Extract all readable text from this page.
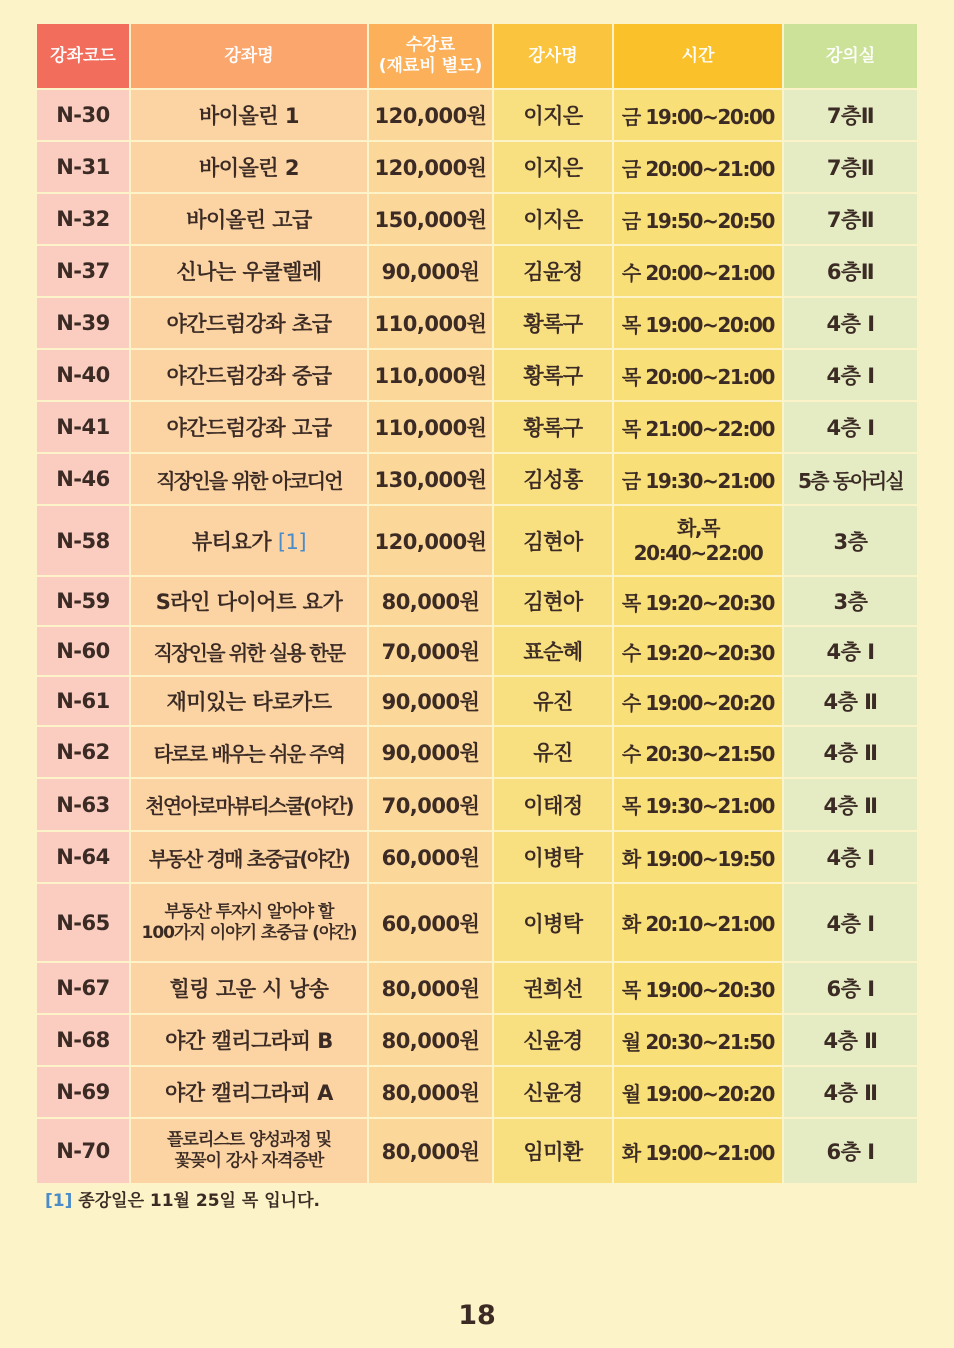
강좌코드	강좌명	수강료
(재료비 별도)	강사명	시간	강의실
N-30	바이올린 1	120,000원	이지은	금 19:00~20:00	7층Ⅱ
N-31	바이올린 2	120,000원	이지은	금 20:00~21:00	7층Ⅱ
N-32	바이올린 고급	150,000원	이지은	금 19:50~20:50	7층Ⅱ
N-37	신나는 우쿨렐레	90,000원	김윤정	수 20:00~21:00	6층Ⅱ
N-39	야간드럼강좌 초급	110,000원	황록구	목 19:00~20:00	4층 Ⅰ
N-40	야간드럼강좌 중급	110,000원	황록구	목 20:00~21:00	4층 Ⅰ
N-41	야간드럼강좌 고급	110,000원	황록구	목 21:00~22:00	4층 Ⅰ
N-46	직장인을 위한 아코디언	130,000원	김성홍	금 19:30~21:00	5층 동아리실
N-58	뷰티요가 [1]	120,000원	김현아	화,목
20:40~22:00	3층
N-59	S라인 다이어트 요가	80,000원	김현아	목 19:20~20:30	3층
N-60	직장인을 위한 실용 한문	70,000원	표순혜	수 19:20~20:30	4층 Ⅰ
N-61	재미있는 타로카드	90,000원	유진	수 19:00~20:20	4층 Ⅱ
N-62	타로로 배우는 쉬운 주역	90,000원	유진	수 20:30~21:50	4층 Ⅱ
N-63	천연아로마뷰티스쿨(야간)	70,000원	이태정	목 19:30~21:00	4층 Ⅱ
N-64	부동산 경매 초중급(야간)	60,000원	이병탁	화 19:00~19:50	4층 Ⅰ
N-65	부동산 투자시 알아야 할
100가지 이야기 초중급 (야간)	60,000원	이병탁	화 20:10~21:00	4층 Ⅰ
N-67	힐링 고운 시 낭송	80,000원	권희선	목 19:00~20:30	6층 Ⅰ
N-68	야간 캘리그라피 B	80,000원	신윤경	월 20:30~21:50	4층 Ⅱ
N-69	야간 캘리그라피 A	80,000원	신윤경	월 19:00~20:20	4층 Ⅱ
N-70	플로리스트 양성과정 및
꽃꽂이 강사 자격증반	80,000원	임미환	화 19:00~21:00	6층 Ⅰ
[1] 종강일은 11월 25일 목 입니다.
18
